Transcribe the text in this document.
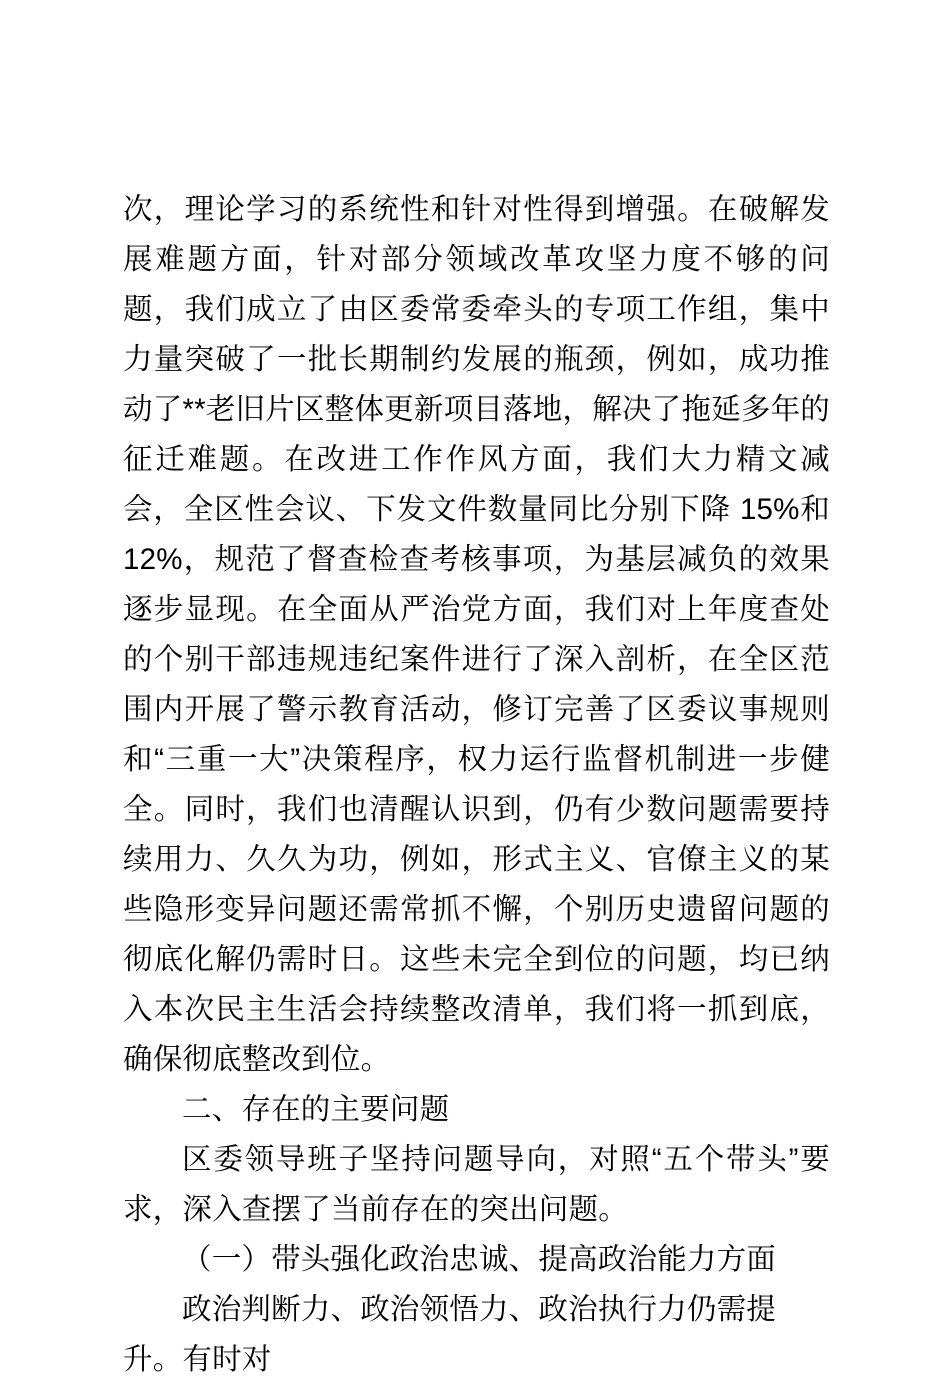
次，理论学习的系统性和针对性得到增强。在破解发展难题方面，针对部分领域改革攻坚力度不够的问题，我们成立了由区委常委牵头的专项工作组，集中力量突破了一批长期制约发展的瓶颈，例如，成功推动了**老旧片区整体更新项目落地，解决了拖延多年的征迁难题。在改进工作作风方面，我们大力精文减会，全区性会议、下发文件数量同比分别下降 15%和12%，规范了督查检查考核事项，为基层减负的效果逐步显现。在全面从严治党方面，我们对上年度查处的个别干部违规违纪案件进行了深入剖析，在全区范围内开展了警示教育活动，修订完善了区委议事规则和“三重一大”决策程序，权力运行监督机制进一步健全。同时，我们也清醒认识到，仍有少数问题需要持续用力、久久为功，例如，形式主义、官僚主义的某些隐形变异问题还需常抓不懈，个别历史遗留问题的彻底化解仍需时日。这些未完全到位的问题，均已纳入本次民主生活会持续整改清单，我们将一抓到底，确保彻底整改到位。

二、存在的主要问题

区委领导班子坚持问题导向，对照“五个带头”要求，深入查摆了当前存在的突出问题。

（一）带头强化政治忠诚、提高政治能力方面

政治判断力、政治领悟力、政治执行力仍需提升。有时对
